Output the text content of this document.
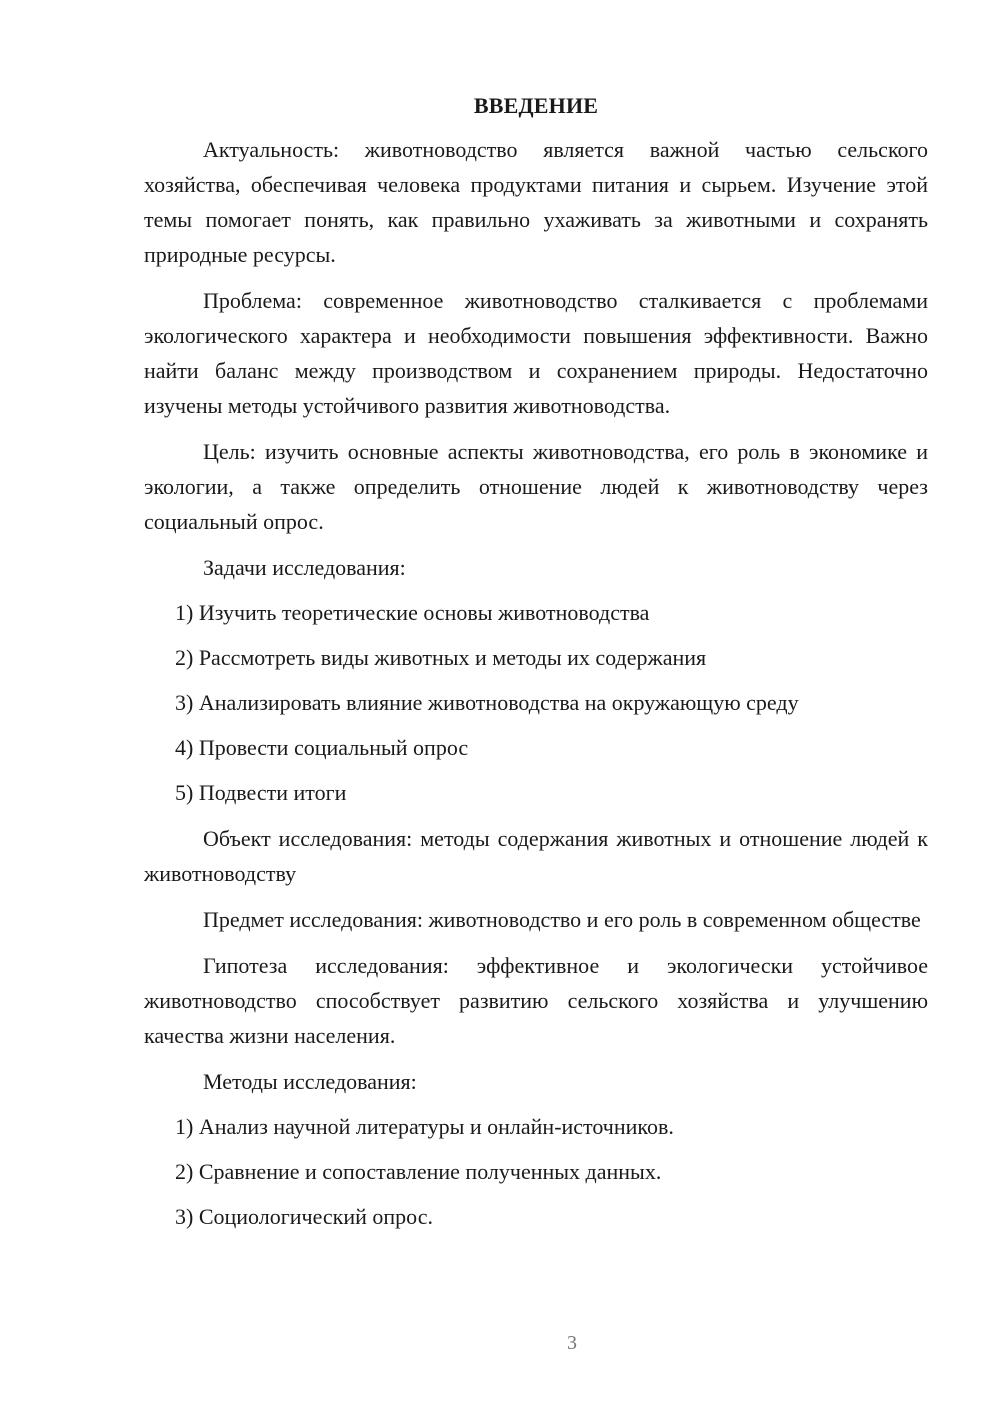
ВВЕДЕНИЕ

Актуальность: животноводство является важной частью сельского хозяйства, обеспечивая человека продуктами питания и сырьем. Изучение этой темы помогает понять, как правильно ухаживать за животными и сохранять природные ресурсы.

Проблема: современное животноводство сталкивается с проблемами экологического характера и необходимости повышения эффективности. Важно найти баланс между производством и сохранением природы. Недостаточно изучены методы устойчивого развития животноводства.

Цель: изучить основные аспекты животноводства, его роль в экономике и экологии, а также определить отношение людей к животноводству через социальный опрос.

Задачи исследования:

1) Изучить теоретические основы животноводства
2) Рассмотреть виды животных и методы их содержания
3) Анализировать влияние животноводства на окружающую среду
4) Провести социальный опрос
5) Подвести итоги

Объект исследования: методы содержания животных и отношение людей к животноводству

Предмет исследования: животноводство и его роль в современном обществе

Гипотеза исследования: эффективное и экологически устойчивое животноводство способствует развитию сельского хозяйства и улучшению качества жизни населения.

Методы исследования:

1) Анализ научной литературы и онлайн-источников.
2) Сравнение и сопоставление полученных данных.
3) Социологический опрос.
3
